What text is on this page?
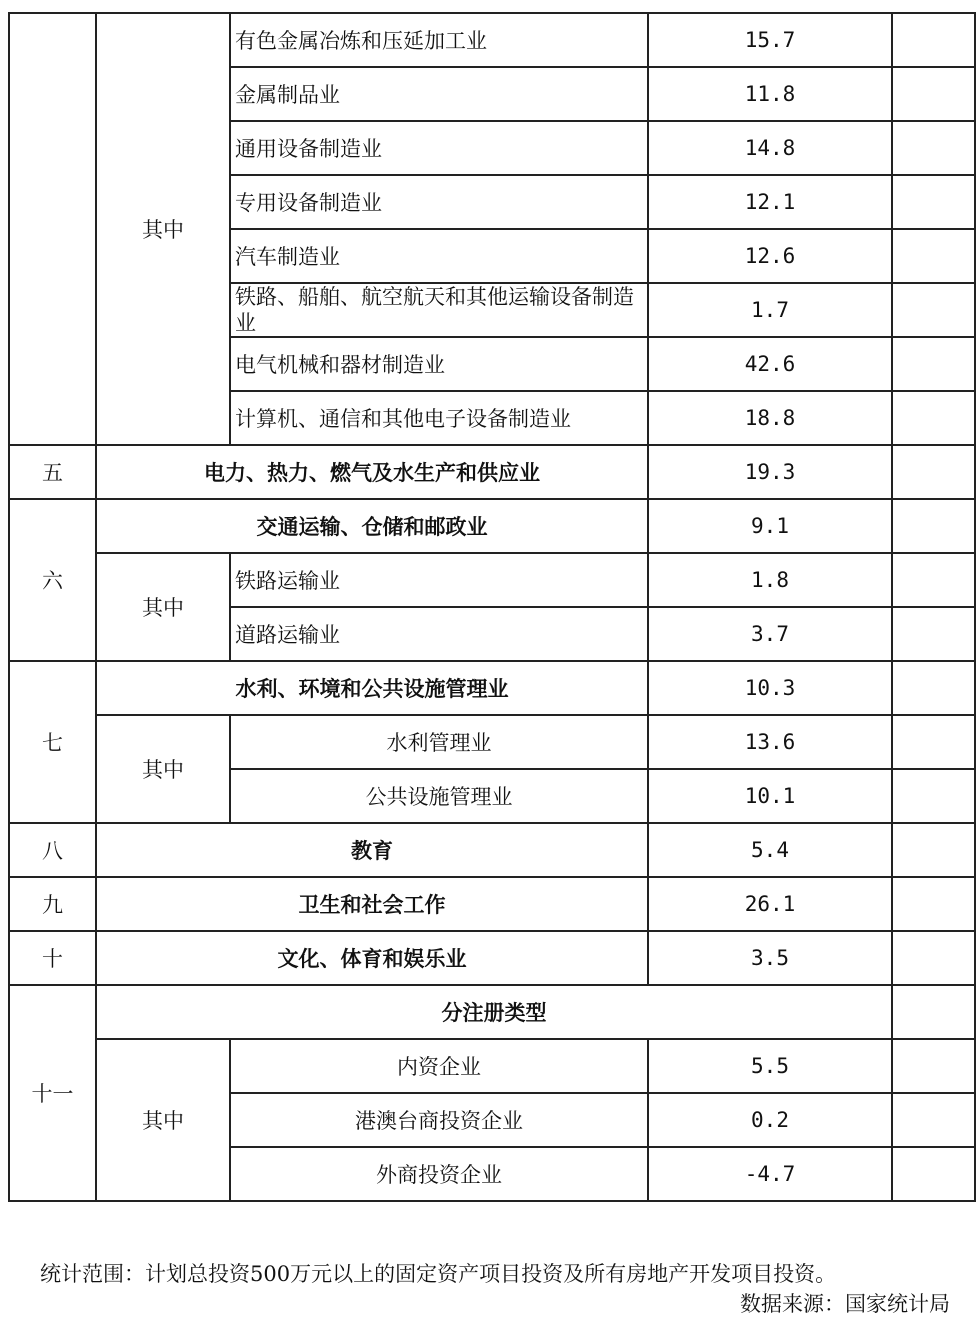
	其中	有色金属冶炼和压延加工业	15.7	
		金属制品业	11.8	
		通用设备制造业	14.8	
		专用设备制造业	12.1	
		汽车制造业	12.6	
		铁路、船舶、航空航天和其他运输设备制造业	1.7	
		电气机械和器材制造业	42.6	
		计算机、通信和其他电子设备制造业	18.8	
五	电力、热力、燃气及水生产和供应业		19.3	
六	交通运输、仓储和邮政业		9.1	
	其中	铁路运输业	1.8	
		道路运输业	3.7	
七	水利、环境和公共设施管理业		10.3	
	其中	水利管理业	13.6	
		公共设施管理业	10.1	
八	教育		5.4	
九	卫生和社会工作		26.1	
十	文化、体育和娱乐业		3.5	
十一	分注册类型			
	其中	内资企业	5.5	
		港澳台商投资企业	0.2	
		外商投资企业	-4.7	
统计范围：计划总投资500万元以上的固定资产项目投资及所有房地产开发项目投资。
数据来源：国家统计局
